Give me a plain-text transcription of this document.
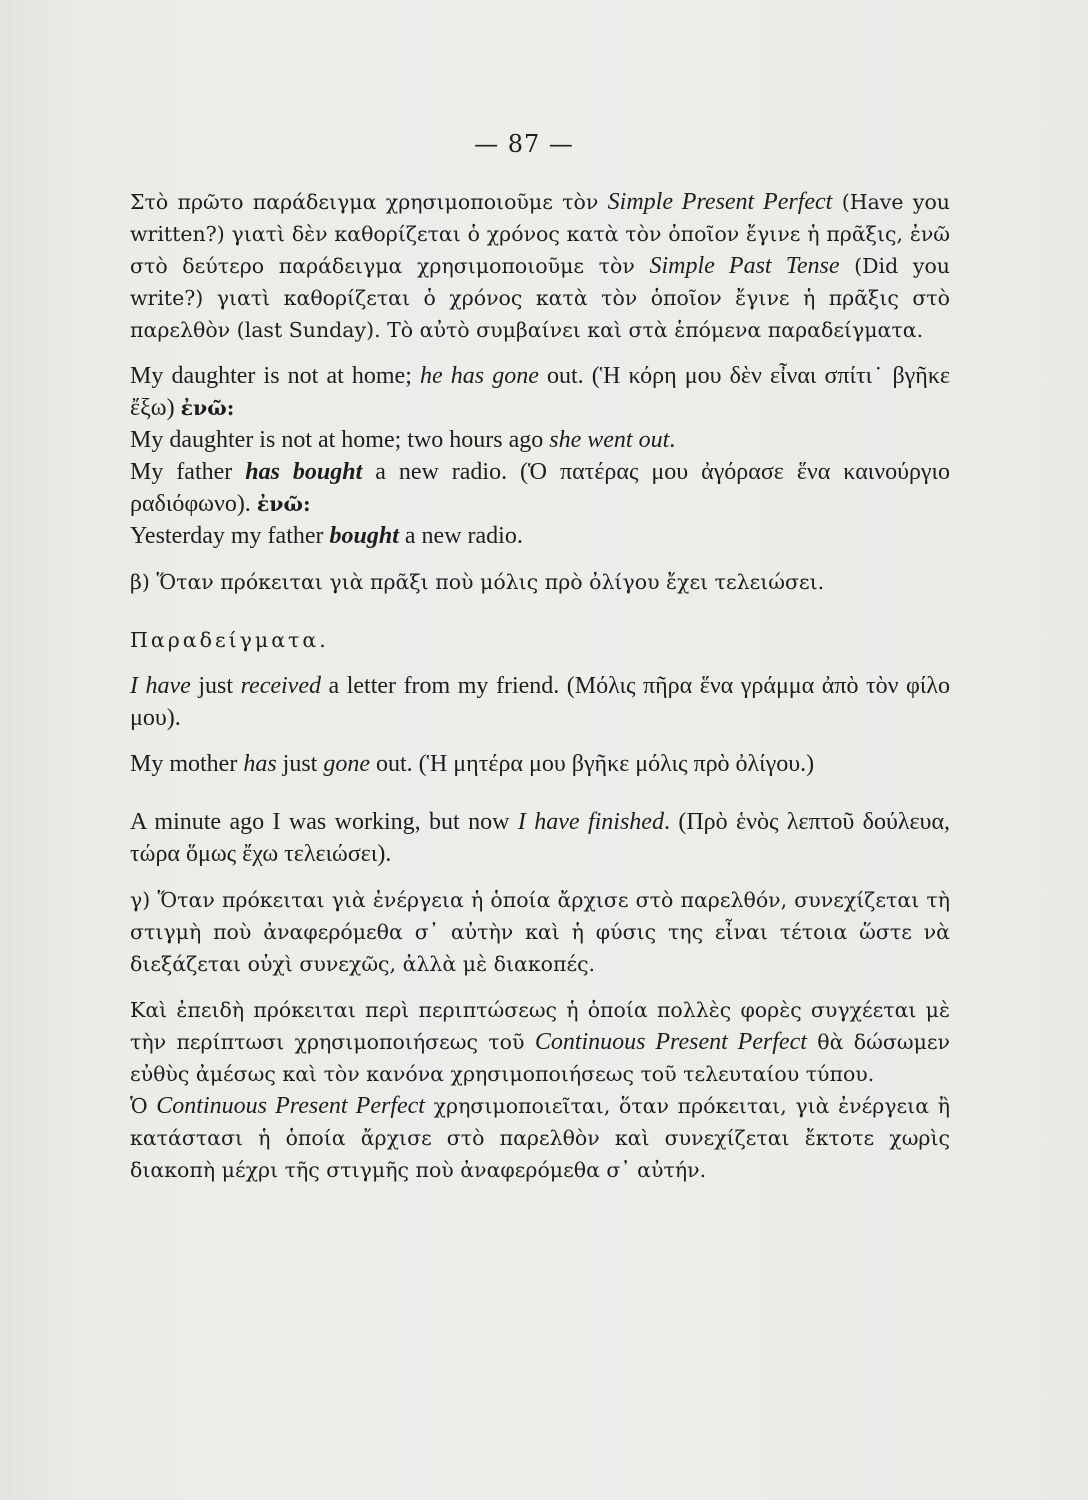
— 87 —

Στὸ πρῶτο παράδειγμα χρησιμοποιοῦμε τὸν Simple Present Perfect (Have you written?) γιατὶ δὲν καθορίζεται ὁ χρόνος κατὰ τὸν ὁποῖον ἔγινε ἡ πρᾶξις, ἐνῶ στὸ δεύτερο παράδειγμα χρησιμοποιοῦμε τὸν Simple Past Tense (Did you write?) γιατὶ καθορίζεται ὁ χρόνος κατὰ τὸν ὁποῖον ἔγινε ἡ πρᾶξις στὸ παρελθὸν (last Sunday). Τὸ αὐτὸ συμβαίνει καὶ στὰ ἑπόμενα παραδείγματα.

My daughter is not at home; he has gone out. (Ἡ κόρη μου δὲν εἶναι σπίτι˙ βγῆκε ἔξω) ἐνῶ:

My daughter is not at home; two hours ago she went out.

My father has bought a new radio. (Ὁ πατέρας μου ἀγόρασε ἕνα καινούργιο ραδιόφωνο). ἐνῶ:

Yesterday my father bought a new radio.

β) Ὅταν πρόκειται γιὰ πρᾶξι ποὺ μόλις πρὸ ὀλίγου ἔχει τελειώσει.

Παραδείγματα.

I have just received a letter from my friend. (Μόλις πῆρα ἕνα γράμμα ἀπὸ τὸν φίλο μου).

My mother has just gone out. (Ἡ μητέρα μου βγῆκε μόλις πρὸ ὀλίγου.)

A minute ago I was working, but now I have finished. (Πρὸ ἑνὸς λεπτοῦ δούλευα, τώρα ὅμως ἔχω τελειώσει).

γ) Ὅταν πρόκειται γιὰ ἐνέργεια ἡ ὁποία ἄρχισε στὸ παρελθόν, συνεχίζεται τὴ στιγμὴ ποὺ ἀναφερόμεθα σ᾽ αὐτὴν καὶ ἡ φύσις της εἶναι τέτοια ὥστε νὰ διεξάζεται οὐχὶ συνεχῶς, ἀλλὰ μὲ διακοπές.

Καὶ ἐπειδὴ πρόκειται περὶ περιπτώσεως ἡ ὁποία πολλὲς φορὲς συγχέεται μὲ τὴν περίπτωσι χρησιμοποιήσεως τοῦ Continuous Present Perfect θὰ δώσωμεν εὐθὺς ἀμέσως καὶ τὸν κανόνα χρησιμοποιήσεως τοῦ τελευταίου τύπου.

Ὁ Continuous Present Perfect χρησιμοποιεῖται, ὅταν πρόκειται, γιὰ ἐνέργεια ἢ κατάστασι ἡ ὁποία ἄρχισε στὸ παρελθὸν καὶ συνεχίζεται ἔκτοτε χωρὶς διακοπὴ μέχρι τῆς στιγμῆς ποὺ ἀναφερόμεθα σ᾽ αὐτήν.
